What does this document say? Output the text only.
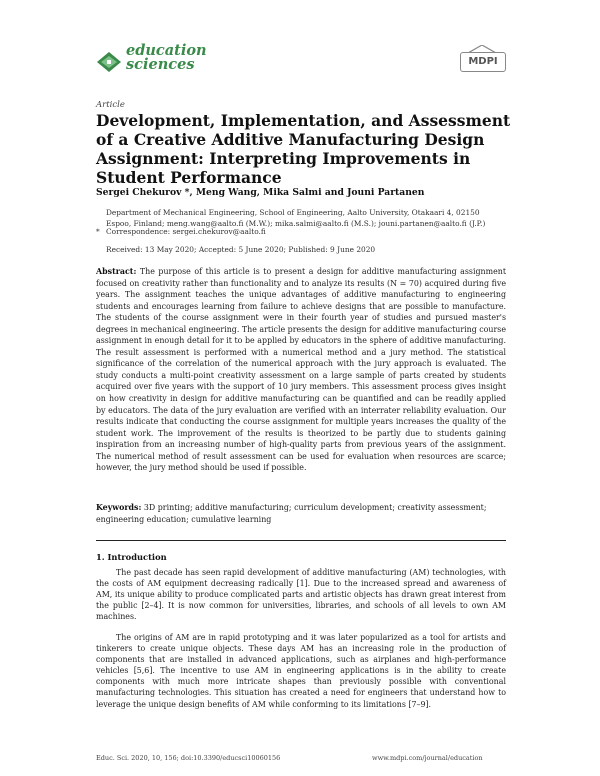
education
sciences	MDPI
Article
Development, Implementation, and Assessment of a Creative Additive Manufacturing Design Assignment: Interpreting Improvements in Student Performance
Sergei Chekurov *, Meng Wang, Mika Salmi and Jouni Partanen
Department of Mechanical Engineering, School of Engineering, Aalto University, Otakaari 4, 02150 Espoo, Finland; meng.wang@aalto.fi (M.W.); mika.salmi@aalto.fi (M.S.); jouni.partanen@aalto.fi (J.P.)
* Correspondence: sergei.chekurov@aalto.fi
Received: 13 May 2020; Accepted: 5 June 2020; Published: 9 June 2020
Abstract: The purpose of this article is to present a design for additive manufacturing assignment focused on creativity rather than functionality and to analyze its results (N = 70) acquired during five years. The assignment teaches the unique advantages of additive manufacturing to engineering students and encourages learning from failure to achieve designs that are possible to manufacture. The students of the course assignment were in their fourth year of studies and pursued master's degrees in mechanical engineering. The article presents the design for additive manufacturing course assignment in enough detail for it to be applied by educators in the sphere of additive manufacturing. The result assessment is performed with a numerical method and a jury method. The statistical significance of the correlation of the numerical approach with the jury approach is evaluated. The study conducts a multi-point creativity assessment on a large sample of parts created by students acquired over five years with the support of 10 jury members. This assessment process gives insight on how creativity in design for additive manufacturing can be quantified and can be readily applied by educators. The data of the jury evaluation are verified with an interrater reliability evaluation. Our results indicate that conducting the course assignment for multiple years increases the quality of the student work. The improvement of the results is theorized to be partly due to students gaining inspiration from an increasing number of high-quality parts from previous years of the assignment. The numerical method of result assessment can be used for evaluation when resources are scarce; however, the jury method should be used if possible.
Keywords: 3D printing; additive manufacturing; curriculum development; creativity assessment; engineering education; cumulative learning
1. Introduction
The past decade has seen rapid development of additive manufacturing (AM) technologies, with the costs of AM equipment decreasing radically [1]. Due to the increased spread and awareness of AM, its unique ability to produce complicated parts and artistic objects has drawn great interest from the public [2–4]. It is now common for universities, libraries, and schools of all levels to own AM machines.
The origins of AM are in rapid prototyping and it was later popularized as a tool for artists and tinkerers to create unique objects. These days AM has an increasing role in the production of components that are installed in advanced applications, such as airplanes and high-performance vehicles [5,6]. The incentive to use AM in engineering applications is in the ability to create components with much more intricate shapes than previously possible with conventional manufacturing technologies. This situation has created a need for engineers that understand how to leverage the unique design benefits of AM while conforming to its limitations [7–9].
Educ. Sci. 2020, 10, 156; doi:10.3390/educsci10060156	www.mdpi.com/journal/education
